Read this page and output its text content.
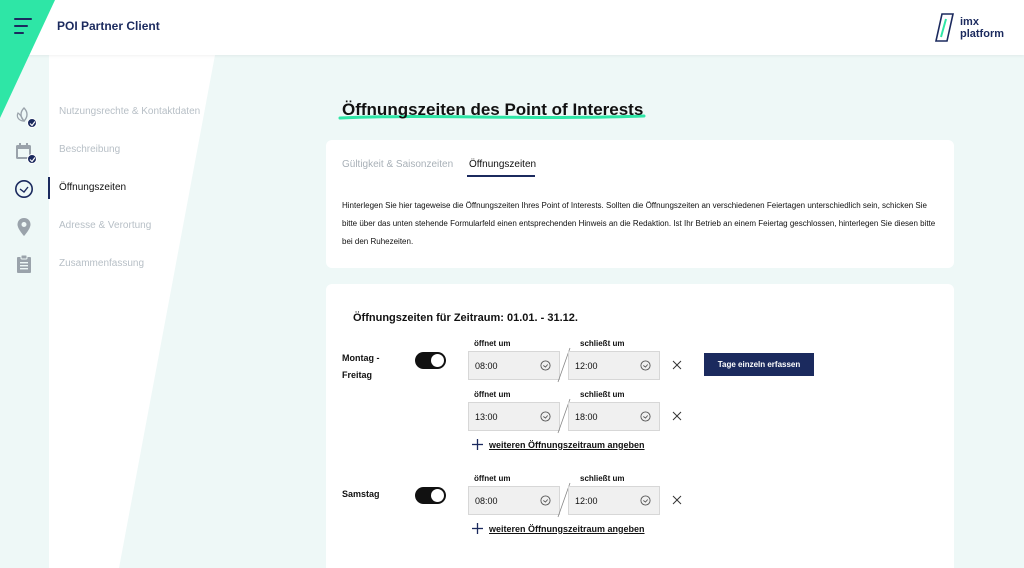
POI Partner Client	imx
platform
Nutzungsrechte & Kontaktdaten
Beschreibung
Öffnungszeiten
Adresse & Verortung
Zusammenfassung
Öffnungszeiten des Point of Interests
Gültigkeit & Saisonzeiten Öffnungszeiten

Hinterlegen Sie hier tageweise die Öffnungszeiten Ihres Point of Interests. Sollten die Öffnungszeiten an verschiedenen Feiertagen unterschiedlich sein, schicken Sie bitte über das unten stehende Formularfeld einen entsprechenden Hinweis an die Redaktion. Ist Ihr Betrieb an einem Feiertag geschlossen, hinterlegen Sie diesen bitte bei den Ruhezeiten.

Öffnungszeiten für Zeitraum: 01.01. - 31.12.
Montag - Freitag
öffnet um	schließt um
08:00	12:00	Tage einzeln erfassen
öffnet um	schließt um
13:00	18:00
weiteren Öffnungszeitraum angeben
Samstag
öffnet um	schließt um
08:00	12:00
weiteren Öffnungszeitraum angeben
